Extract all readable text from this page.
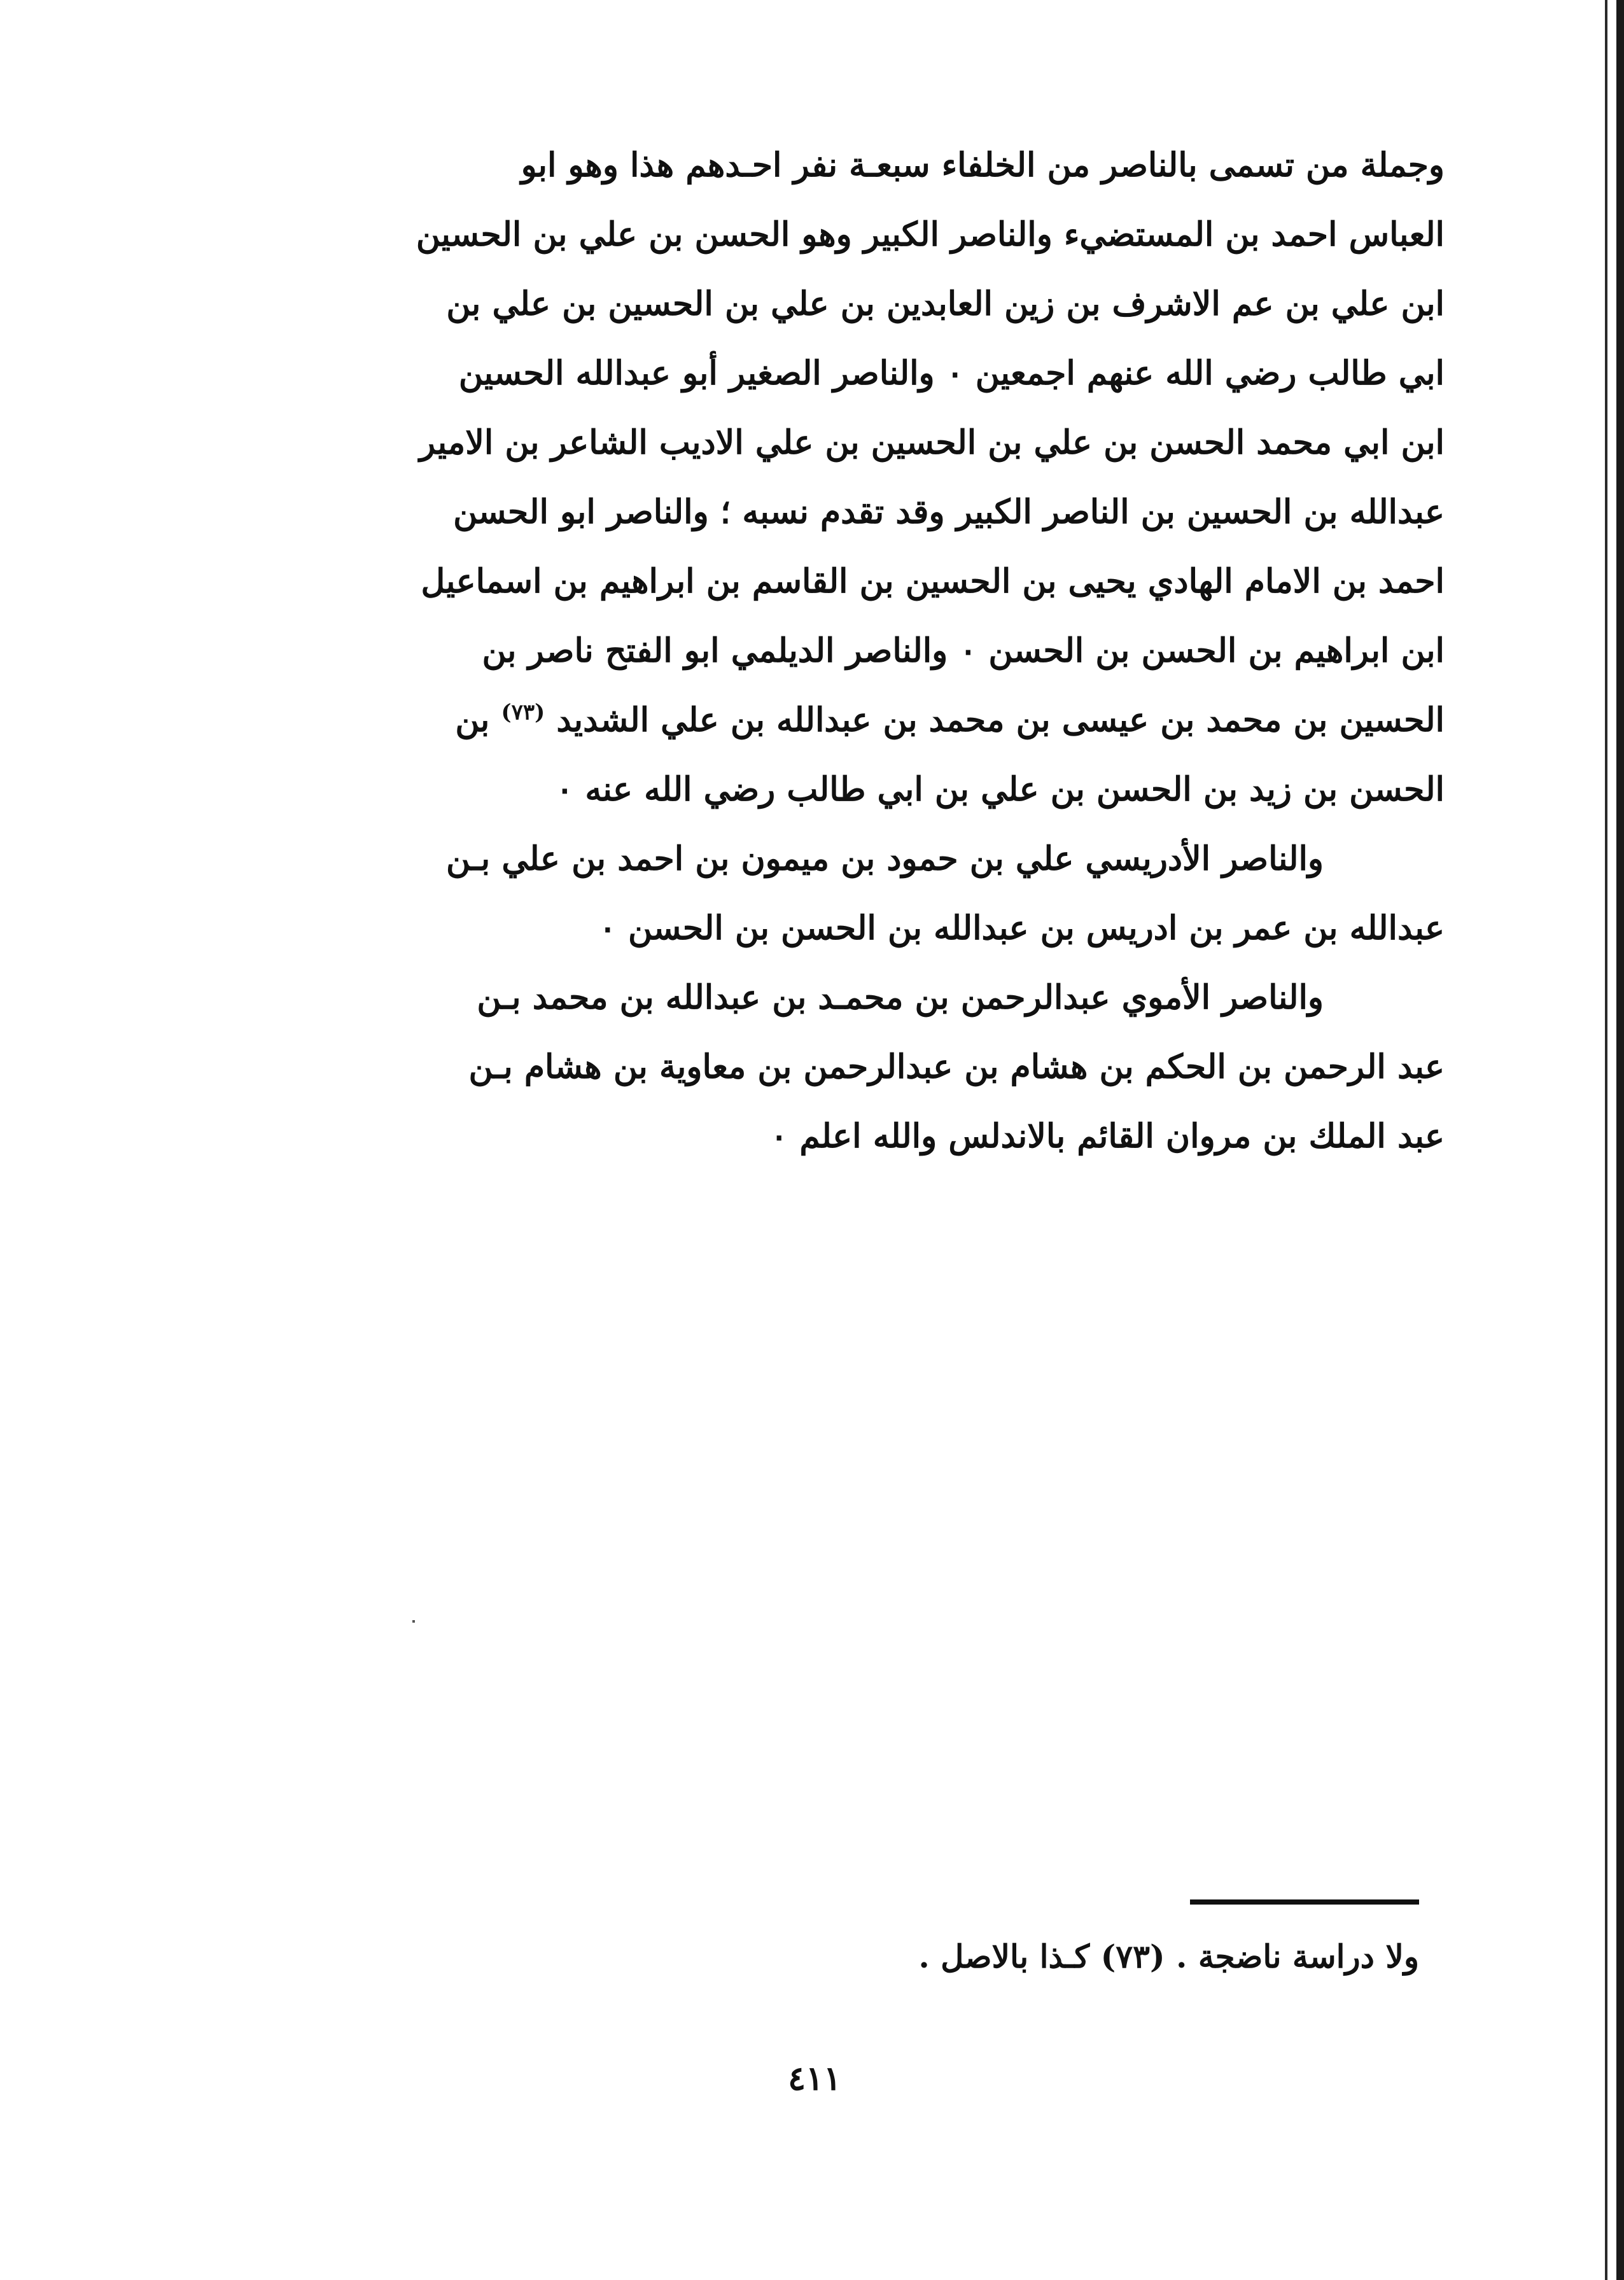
وجملة من تسمى بالناصر من الخلفاء سبعـة نفر احـدهم هذا وهو ابو
العباس احمد بن المستضيء والناصر الكبير وهو الحسن بن علي بن الحسين
ابن علي بن عم الاشرف بن زين العابدين بن علي بن الحسين بن علي بن
ابي طالب رضي الله عنهم اجمعين ٠ والناصر الصغير أبو عبدالله الحسين
ابن ابي محمد الحسن بن علي بن الحسين بن علي الاديب الشاعر بن الامير
عبدالله بن الحسين بن الناصر الكبير وقد تقدم نسبه ؛ والناصر ابو الحسن
احمد بن الامام الهادي يحيى بن الحسين بن القاسم بن ابراهيم بن اسماعيل
ابن ابراهيم بن الحسن بن الحسن ٠ والناصر الديلمي ابو الفتح ناصر بن
الحسين بن محمد بن عيسى بن محمد بن عبدالله بن علي الشديد $^{(٧٣)}$ بن
الحسن بن زيد بن الحسن بن علي بن ابي طالب رضي الله عنه ٠
والناصر الأدريسي علي بن حمود بن ميمون بن احمد بن علي بـن
عبدالله بن عمر بن ادريس بن عبدالله بن الحسن بن الحسن ٠
والناصر الأموي عبدالرحمن بن محمـد بن عبدالله بن محمد بـن
عبد الرحمن بن الحكم بن هشام بن عبدالرحمن بن معاوية بن هشام بـن
عبد الملك بن مروان القائم بالاندلس والله اعلم ٠
ولا دراسة ناضجة . (٧٣) كـذا بالاصل .
٤١١
